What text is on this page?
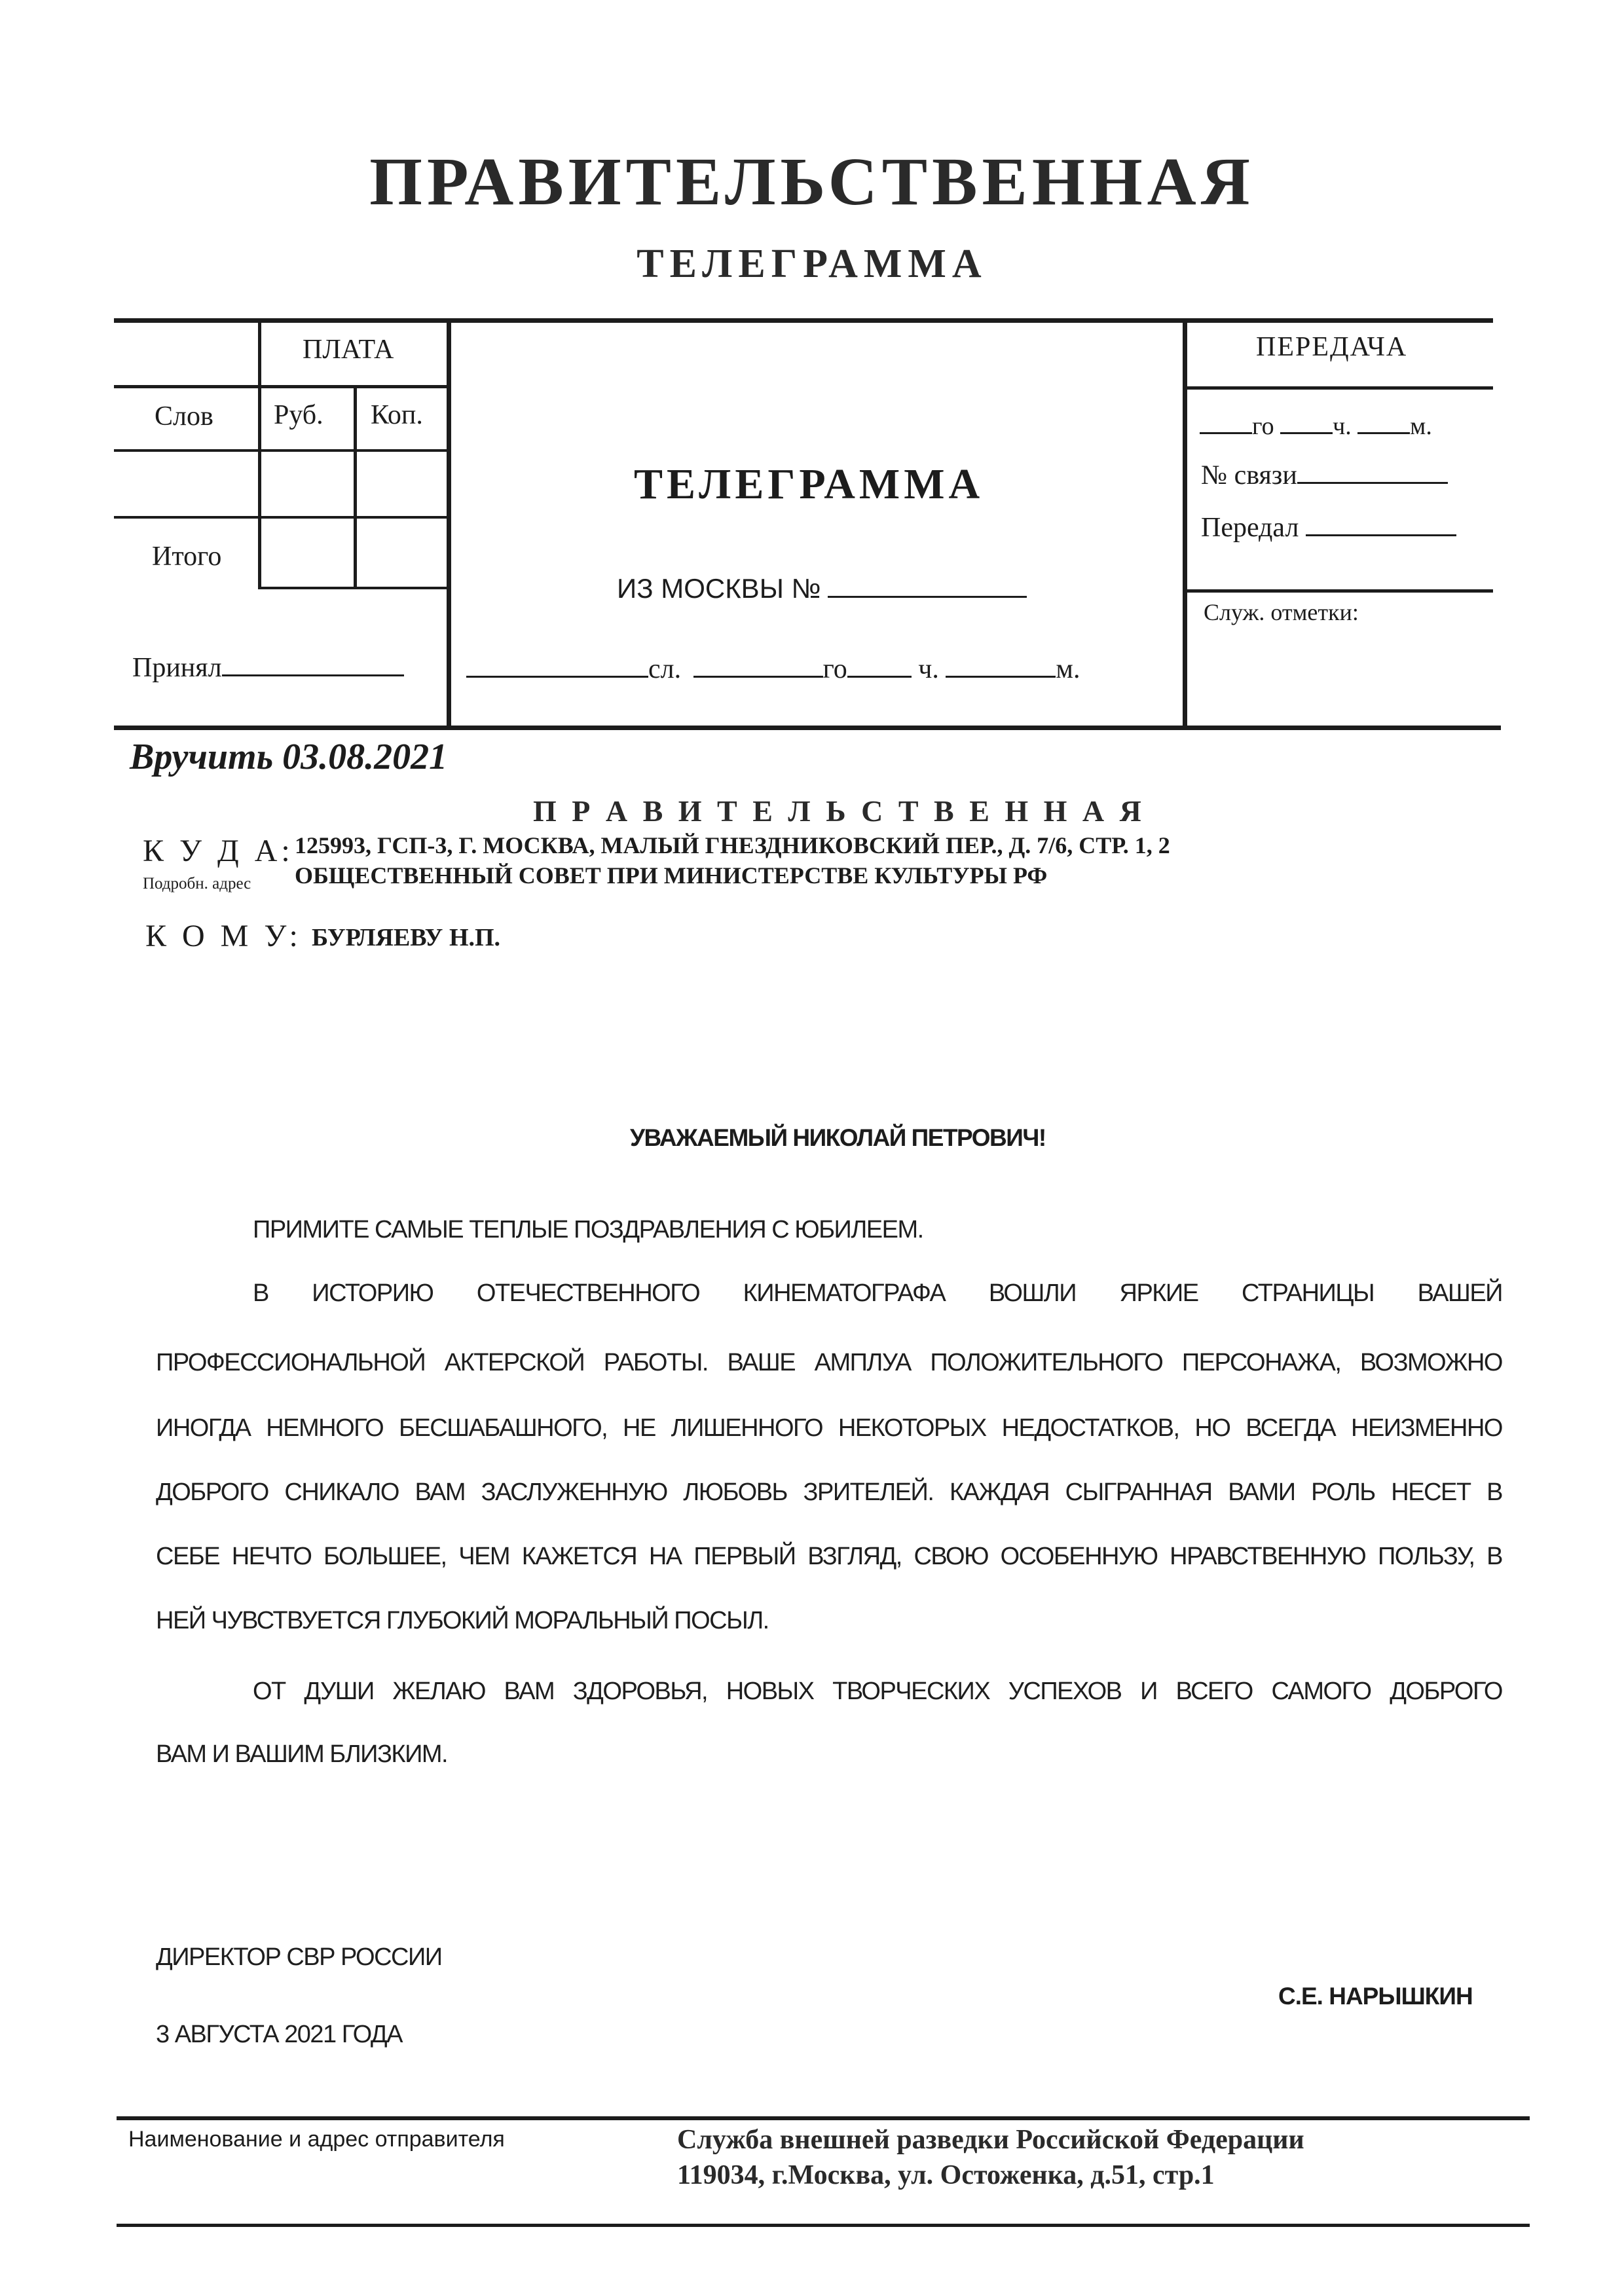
ПРАВИТЕЛЬСТВЕННАЯ
ТЕЛЕГРАММА
ПЛАТА
Слов Руб. Коп.
Итого
Принял
ТЕЛЕГРАММА
ИЗ МОСКВЫ №
сл.	го	ч.	м.
ПЕРЕДАЧА
го ч. м.
№ связи
Передал
Служ. отметки:
Вручить 03.08.2021
П Р А В И Т Е Л Ь С Т В Е Н Н А Я
К У Д А:
Подробн. адрес
125993, ГСП-3, Г. МОСКВА, МАЛЫЙ ГНЕЗДНИКОВСКИЙ ПЕР., Д. 7/6, СТР. 1, 2
ОБЩЕСТВЕННЫЙ СОВЕТ ПРИ МИНИСТЕРСТВЕ КУЛЬТУРЫ РФ
К О М У: БУРЛЯЕВУ Н.П.
УВАЖАЕМЫЙ НИКОЛАЙ ПЕТРОВИЧ!
ПРИМИТЕ САМЫЕ ТЕПЛЫЕ ПОЗДРАВЛЕНИЯ С ЮБИЛЕЕМ.
В ИСТОРИЮ ОТЕЧЕСТВЕННОГО КИНЕМАТОГРАФА ВОШЛИ ЯРКИЕ СТРАНИЦЫ ВАШЕЙ
ПРОФЕССИОНАЛЬНОЙ АКТЕРСКОЙ РАБОТЫ. ВАШЕ АМПЛУА ПОЛОЖИТЕЛЬНОГО ПЕРСОНАЖА, ВОЗМОЖНО
ИНОГДА НЕМНОГО БЕСШАБАШНОГО, НЕ ЛИШЕННОГО НЕКОТОРЫХ НЕДОСТАТКОВ, НО ВСЕГДА НЕИЗМЕННО
ДОБРОГО СНИКАЛО ВАМ ЗАСЛУЖЕННУЮ ЛЮБОВЬ ЗРИТЕЛЕЙ. КАЖДАЯ СЫГРАННАЯ ВАМИ РОЛЬ НЕСЕТ В
СЕБЕ НЕЧТО БОЛЬШЕЕ, ЧЕМ КАЖЕТСЯ НА ПЕРВЫЙ ВЗГЛЯД, СВОЮ ОСОБЕННУЮ НРАВСТВЕННУЮ ПОЛЬЗУ, В
НЕЙ ЧУВСТВУЕТСЯ ГЛУБОКИЙ МОРАЛЬНЫЙ ПОСЫЛ.
ОТ ДУШИ ЖЕЛАЮ ВАМ ЗДОРОВЬЯ, НОВЫХ ТВОРЧЕСКИХ УСПЕХОВ И ВСЕГО САМОГО ДОБРОГО
ВАМ И ВАШИМ БЛИЗКИМ.
ДИРЕКТОР СВР РОССИИ
С.Е. НАРЫШКИН
3 АВГУСТА 2021 ГОДА
Наименование и адрес отправителя	Служба внешней разведки Российской Федерации
119034, г.Москва, ул. Остоженка, д.51, стр.1
